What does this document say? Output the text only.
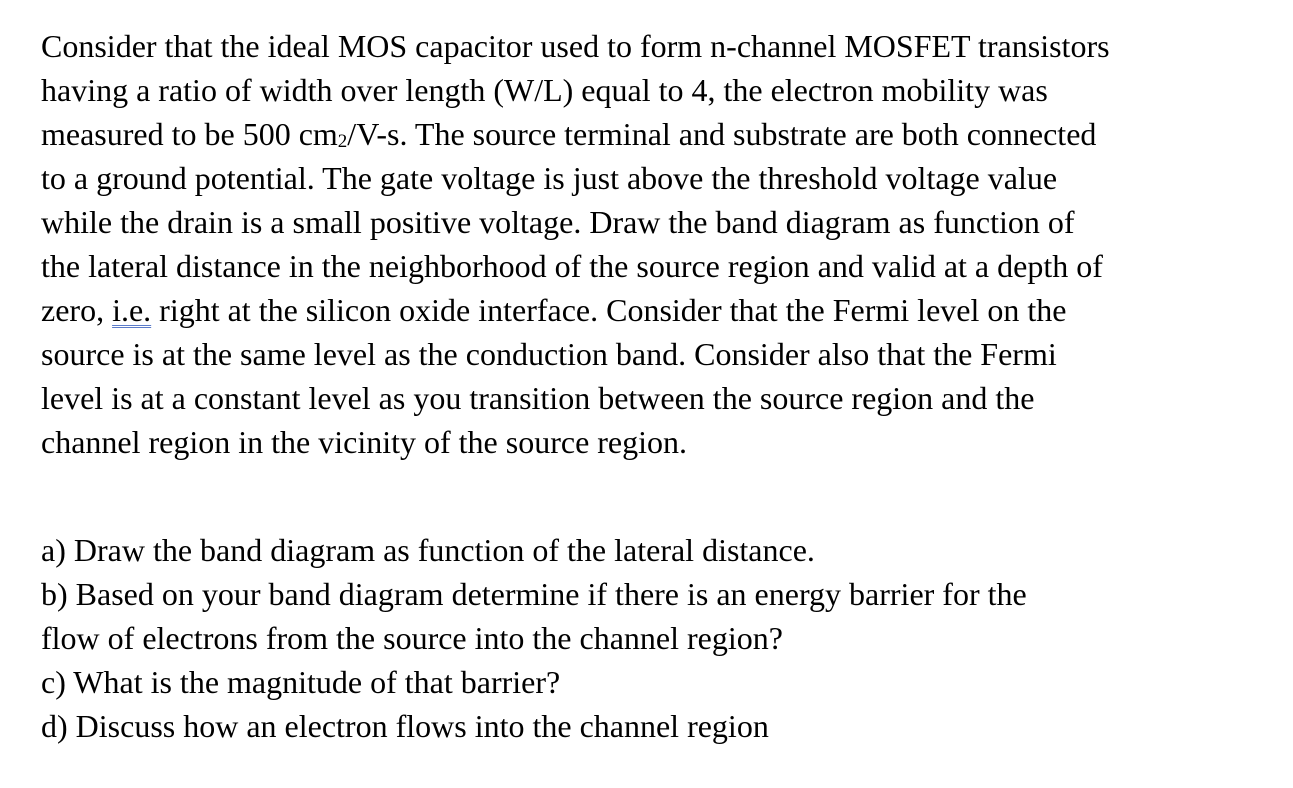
Consider that the ideal MOS capacitor used to form n-channel MOSFET transistors
having a ratio of width over length (W/L) equal to 4, the electron mobility was
measured to be 500 cm2/V-s. The source terminal and substrate are both connected
to a ground potential. The gate voltage is just above the threshold voltage value
while the drain is a small positive voltage. Draw the band diagram as function of
the lateral distance in the neighborhood of the source region and valid at a depth of
zero, i.e. right at the silicon oxide interface. Consider that the Fermi level on the
source is at the same level as the conduction band. Consider also that the Fermi
level is at a constant level as you transition between the source region and the
channel region in the vicinity of the source region.
a) Draw the band diagram as function of the lateral distance.
b) Based on your band diagram determine if there is an energy barrier for the
flow of electrons from the source into the channel region?
c) What is the magnitude of that barrier?
d) Discuss how an electron flows into the channel region
